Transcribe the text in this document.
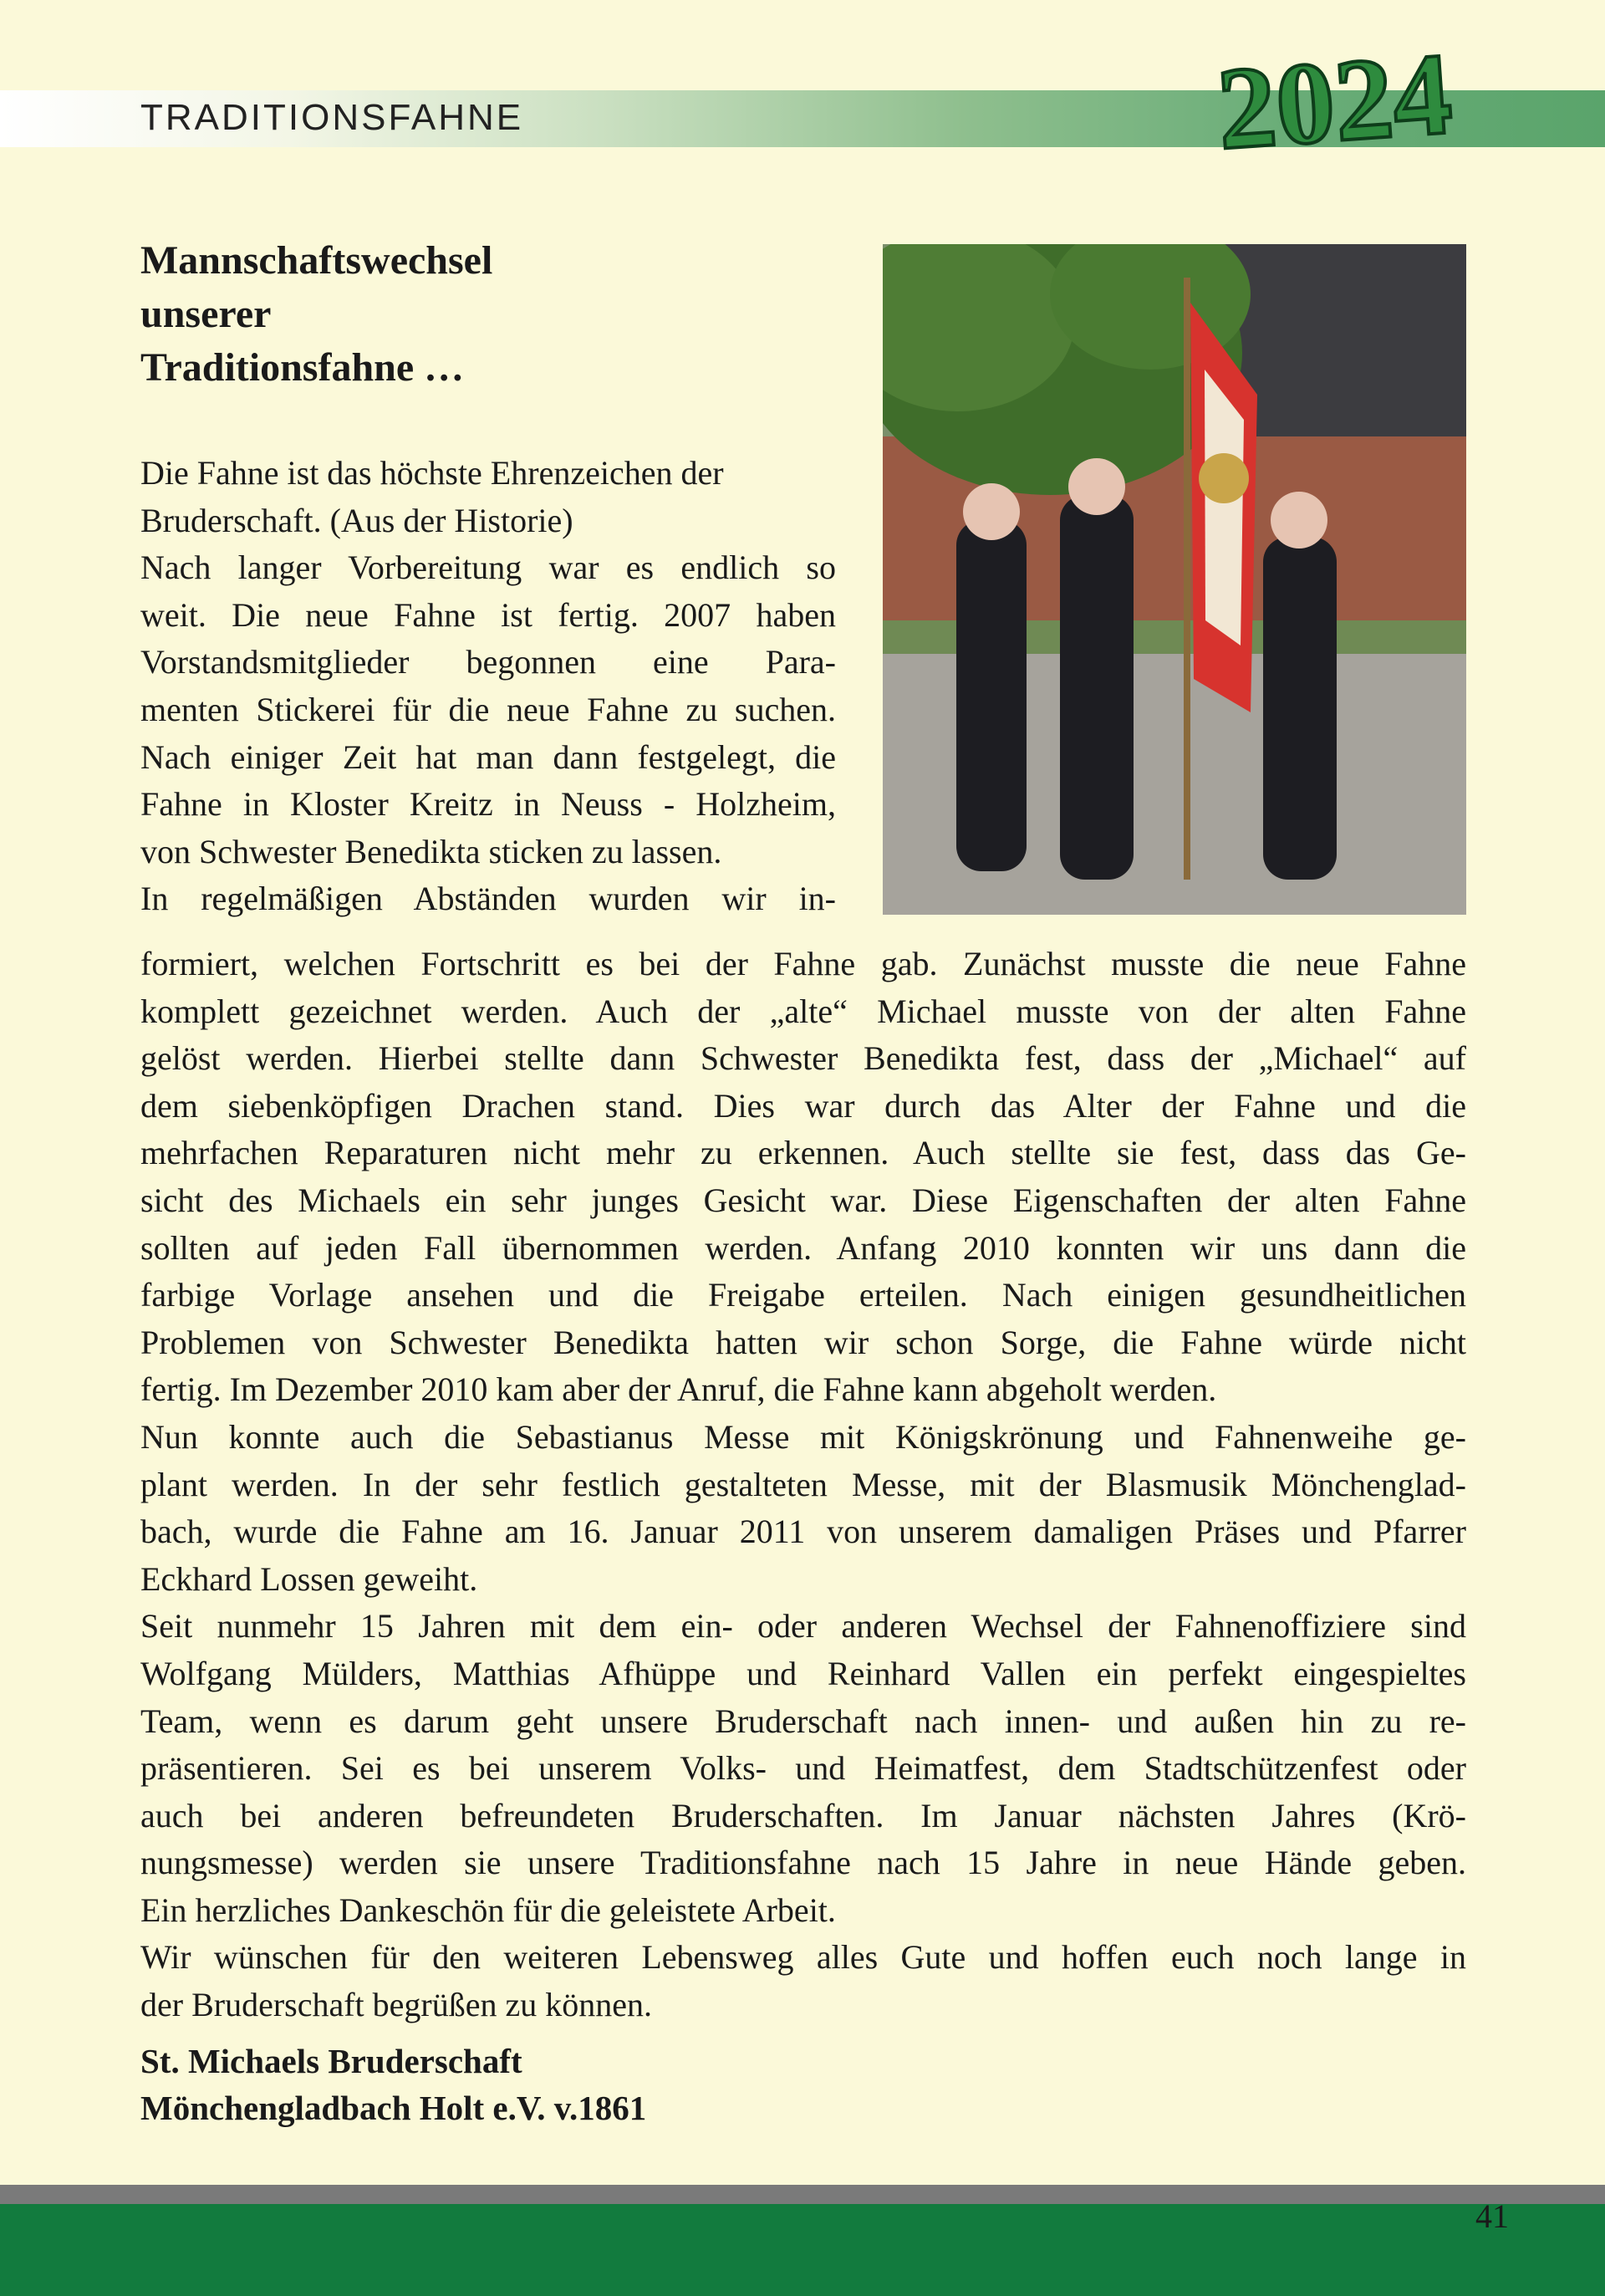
TRADITIONSFAHNE	2024
Mannschaftswechsel
unserer
Traditionsfahne …
Die Fahne ist das höchste Ehrenzeichen der
Bruderschaft. (Aus der Historie)
Nach langer Vorbereitung war es endlich so
weit. Die neue Fahne ist fertig. 2007 haben
Vorstandsmitglieder begonnen eine Para-
menten Stickerei für die neue Fahne zu suchen.
Nach einiger Zeit hat man dann festgelegt, die
Fahne in Kloster Kreitz in Neuss - Holzheim,
von Schwester Benedikta sticken zu lassen.
In regelmäßigen Abständen wurden wir in-
formiert, welchen Fortschritt es bei der Fahne gab. Zunächst musste die neue Fahne
komplett gezeichnet werden. Auch der „alte“ Michael musste von der alten Fahne
gelöst werden. Hierbei stellte dann Schwester Benedikta fest, dass der „Michael“ auf
dem siebenköpfigen Drachen stand. Dies war durch das Alter der Fahne und die
mehrfachen Reparaturen nicht mehr zu erkennen. Auch stellte sie fest, dass das Ge-
sicht des Michaels ein sehr junges Gesicht war. Diese Eigenschaften der alten Fahne
sollten auf jeden Fall übernommen werden. Anfang 2010 konnten wir uns dann die
farbige Vorlage ansehen und die Freigabe erteilen. Nach einigen gesundheitlichen
Problemen von Schwester Benedikta hatten wir schon Sorge, die Fahne würde nicht
fertig. Im Dezember 2010 kam aber der Anruf, die Fahne kann abgeholt werden.
Nun konnte auch die Sebastianus Messe mit Königskrönung und Fahnenweihe ge-
plant werden. In der sehr festlich gestalteten Messe, mit der Blasmusik Mönchenglad-
bach, wurde die Fahne am 16. Januar 2011 von unserem damaligen Präses und Pfarrer
Eckhard Lossen geweiht.
Seit nunmehr 15 Jahren mit dem ein- oder anderen Wechsel der Fahnenoffiziere sind
Wolfgang Mülders, Matthias Afhüppe und Reinhard Vallen ein perfekt eingespieltes
Team, wenn es darum geht unsere Bruderschaft nach innen- und außen hin zu re-
präsentieren. Sei es bei unserem Volks- und Heimatfest, dem Stadtschützenfest oder
auch bei anderen befreundeten Bruderschaften. Im Januar nächsten Jahres (Krö-
nungsmesse) werden sie unsere Traditionsfahne nach 15 Jahre in neue Hände geben.
Ein herzliches Dankeschön für die geleistete Arbeit.
Wir wünschen für den weiteren Lebensweg alles Gute und hoffen euch noch lange in
der Bruderschaft begrüßen zu können.
St. Michaels Bruderschaft
Mönchengladbach Holt e.V. v.1861
41
